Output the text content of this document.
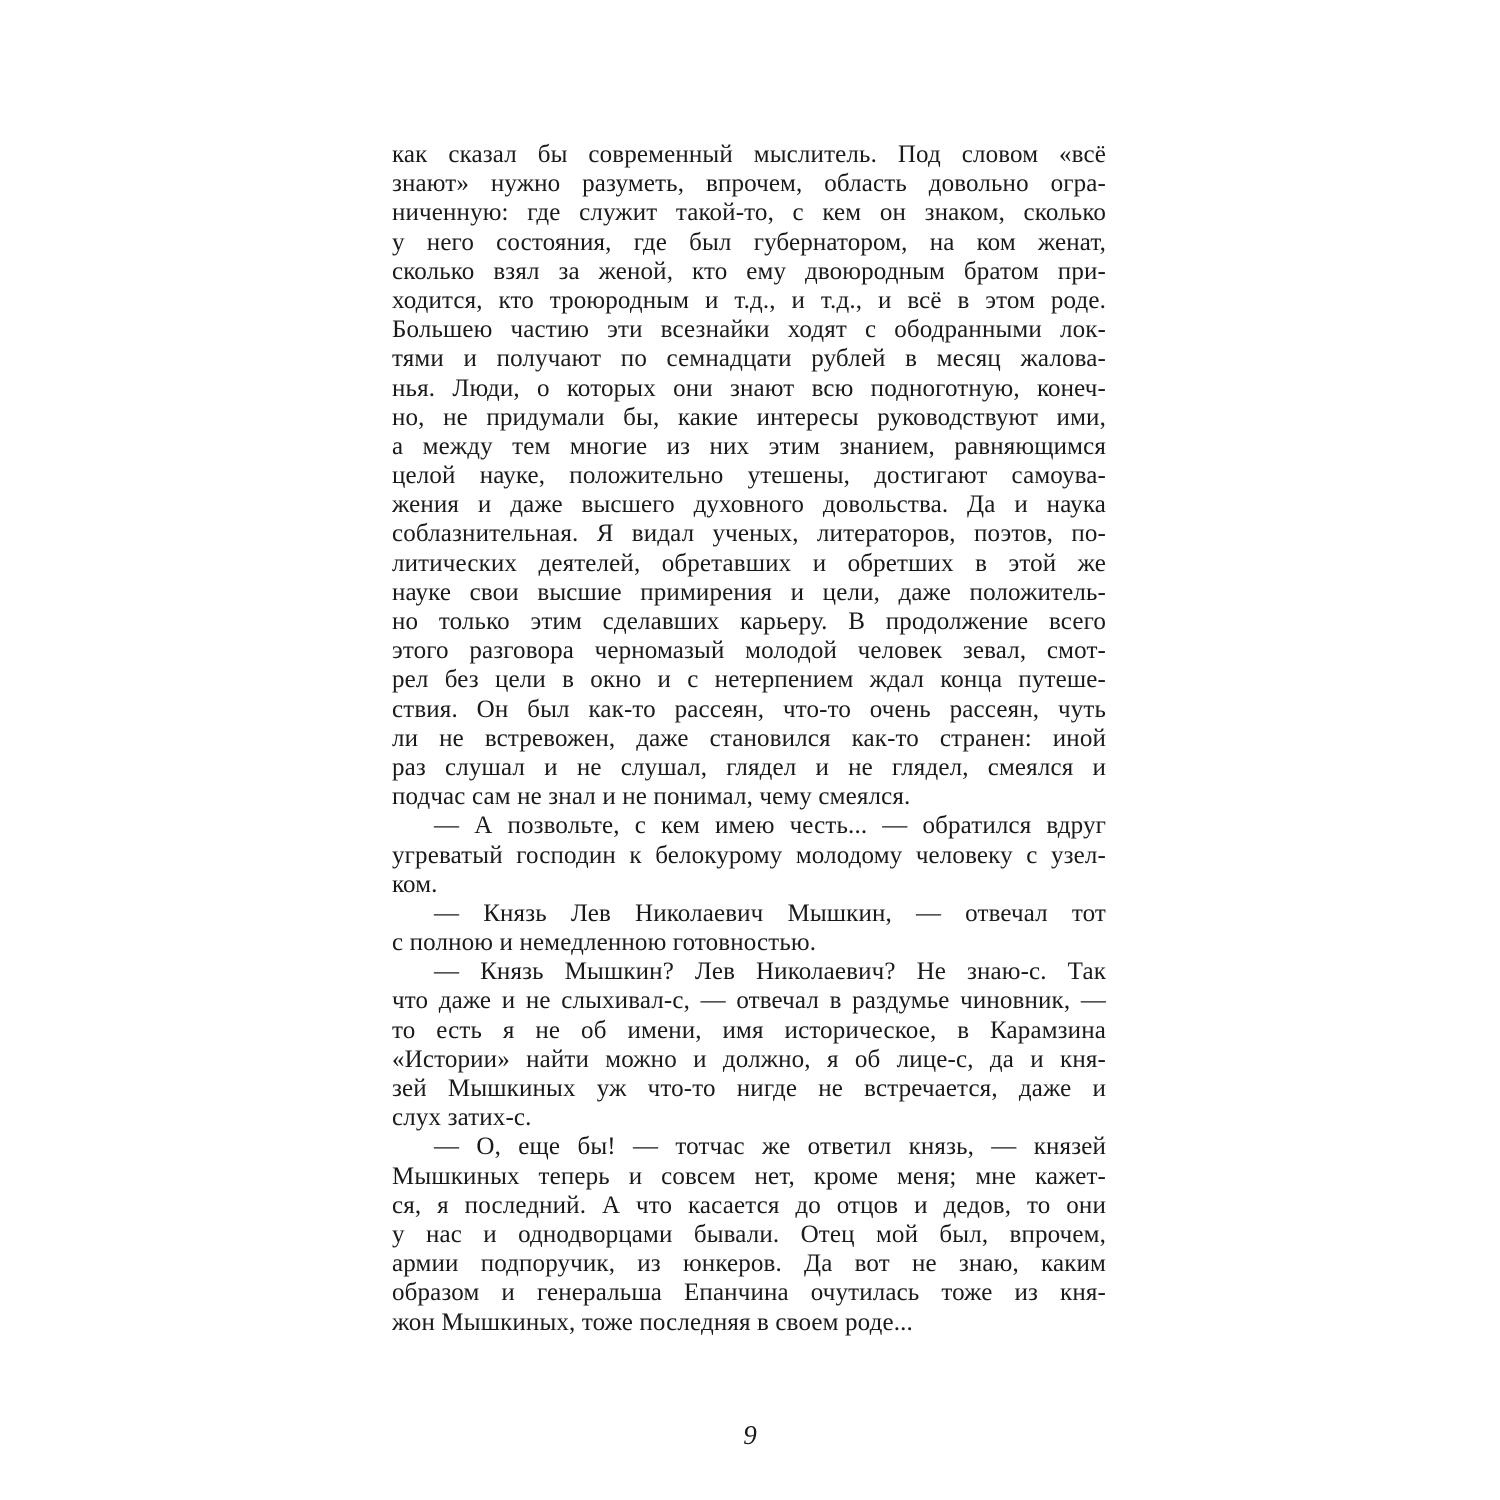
как сказал бы современный мыслитель. Под словом «всё
знают» нужно разуметь, впрочем, область довольно огра-
ниченную: где служит такой-то, с кем он знаком, сколько
у него состояния, где был губернатором, на ком женат,
сколько взял за женой, кто ему двоюродным братом при-
ходится, кто троюродным и т.д., и т.д., и всё в этом роде.
Большею частию эти всезнайки ходят с ободранными лок-
тями и получают по семнадцати рублей в месяц жалова-
нья. Люди, о которых они знают всю подноготную, конеч-
но, не придумали бы, какие интересы руководствуют ими,
а между тем многие из них этим знанием, равняющимся
целой науке, положительно утешены, достигают самоува-
жения и даже высшего духовного довольства. Да и наука
соблазнительная. Я видал ученых, литераторов, поэтов, по-
литических деятелей, обретавших и обретших в этой же
науке свои высшие примирения и цели, даже положитель-
но только этим сделавших карьеру. В продолжение всего
этого разговора черномазый молодой человек зевал, смот-
рел без цели в окно и с нетерпением ждал конца путеше-
ствия. Он был как-то рассеян, что-то очень рассеян, чуть
ли не встревожен, даже становился как-то странен: иной
раз слушал и не слушал, глядел и не глядел, смеялся и
подчас сам не знал и не понимал, чему смеялся.
— А позвольте, с кем имею честь... — обратился вдруг
угреватый господин к белокурому молодому человеку с узел-
ком.
— Князь Лев Николаевич Мышкин, — отвечал тот
с полною и немедленною готовностью.
— Князь Мышкин? Лев Николаевич? Не знаю-с. Так
что даже и не слыхивал-с, — отвечал в раздумье чиновник, —
то есть я не об имени, имя историческое, в Карамзина
«Истории» найти можно и должно, я об лице-с, да и кня-
зей Мышкиных уж что-то нигде не встречается, даже и
слух затих-с.
— О, еще бы! — тотчас же ответил князь, — князей
Мышкиных теперь и совсем нет, кроме меня; мне кажет-
ся, я последний. А что касается до отцов и дедов, то они
у нас и однодворцами бывали. Отец мой был, впрочем,
армии подпоручик, из юнкеров. Да вот не знаю, каким
образом и генеральша Епанчина очутилась тоже из кня-
жон Мышкиных, тоже последняя в своем роде...
9
